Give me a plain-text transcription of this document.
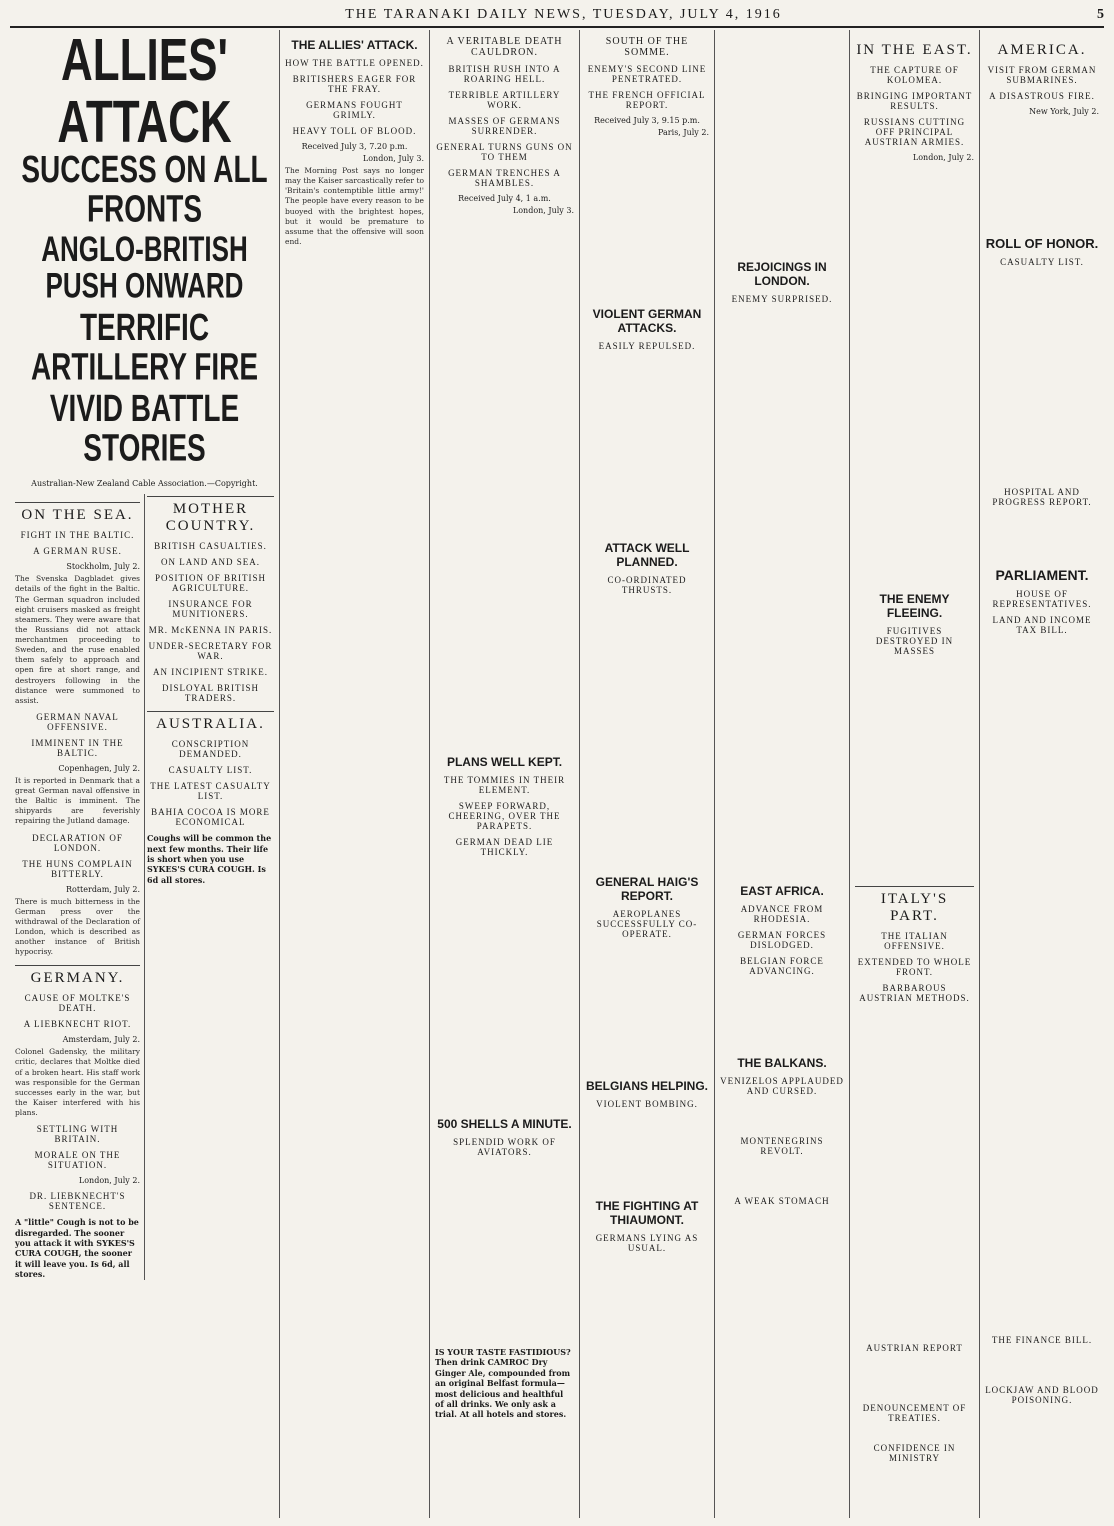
THE TARANAKI DAILY NEWS, TUESDAY, JULY 4, 1916	5
ALLIES' ATTACK
SUCCESS ON ALL FRONTS
ANGLO-BRITISH PUSH ONWARD
TERRIFIC ARTILLERY FIRE
VIVID BATTLE STORIES
Australian-New Zealand Cable Association.—Copyright.
ON THE SEA.
FIGHT IN THE BALTIC.
A GERMAN RUSE.
Stockholm, July 2.

The Svenska Dagbladet gives details of the fight in the Baltic. The German squadron included eight cruisers masked as freight steamers. They were aware that the Russians did not attack merchantmen proceeding to Sweden, and the ruse enabled them safely to approach and open fire at short range, and destroyers following in the distance were summoned to assist.

GERMAN NAVAL OFFENSIVE.
IMMINENT IN THE BALTIC.
Copenhagen, July 2.

It is reported in Denmark that a great German naval offensive in the Baltic is imminent. The shipyards are feverishly repairing the Jutland damage.

DECLARATION OF LONDON.
THE HUNS COMPLAIN BITTERLY.
Rotterdam, July 2.

There is much bitterness in the German press over the withdrawal of the Declaration of London, which is described as another instance of British hypocrisy.

GERMANY.
CAUSE OF MOLTKE'S DEATH.
A LIEBKNECHT RIOT.
Amsterdam, July 2.

Colonel Gadensky, the military critic, declares that Moltke died of a broken heart. His staff work was responsible for the German successes early in the war, but the Kaiser interfered with his plans.

SETTLING WITH BRITAIN.
MORALE ON THE SITUATION.
London, July 2.
DR. LIEBKNECHT'S SENTENCE.
A "little" Cough is not to be disregarded. The sooner you attack it with SYKES'S CURA COUGH, the sooner it will leave you. Is 6d, all stores.
MOTHER COUNTRY.
BRITISH CASUALTIES.
ON LAND AND SEA.
POSITION OF BRITISH AGRICULTURE.
INSURANCE FOR MUNITIONERS.
MR. McKENNA IN PARIS.
UNDER-SECRETARY FOR WAR.
AN INCIPIENT STRIKE.
DISLOYAL BRITISH TRADERS.
AUSTRALIA.
CONSCRIPTION DEMANDED.
CASUALTY LIST.
THE LATEST CASUALTY LIST.
BAHIA COCOA IS MORE ECONOMICAL
Coughs will be common the next few months. Their life is short when you use SYKES'S CURA COUGH. Is 6d all stores.
THE ALLIES' ATTACK.
HOW THE BATTLE OPENED.
BRITISHERS EAGER FOR THE FRAY.
GERMANS FOUGHT GRIMLY.
HEAVY TOLL OF BLOOD.
Received July 3, 7.20 p.m.
London, July 3.

The Morning Post says no longer may the Kaiser sarcastically refer to 'Britain's contemptible little army!' The people have every reason to be buoyed with the brightest hopes, but it would be premature to assume that the offensive will soon end.

A VERITABLE DEATH CAULDRON.
BRITISH RUSH INTO A ROARING HELL.
TERRIBLE ARTILLERY WORK.
MASSES OF GERMANS SURRENDER.
GENERAL TURNS GUNS ON TO THEM
GERMAN TRENCHES A SHAMBLES.
Received July 4, 1 a.m.
London, July 3.
PLANS WELL KEPT.
THE TOMMIES IN THEIR ELEMENT.
SWEEP FORWARD, CHEERING, OVER THE PARAPETS.
GERMAN DEAD LIE THICKLY.
500 SHELLS A MINUTE.
SPLENDID WORK OF AVIATORS.
IS YOUR TASTE FASTIDIOUS? Then drink CAMROC Dry Ginger Ale, compounded from an original Belfast formula—most delicious and healthful of all drinks. We only ask a trial. At all hotels and stores.
SOUTH OF THE SOMME.
ENEMY'S SECOND LINE PENETRATED.
THE FRENCH OFFICIAL REPORT.
Received July 3, 9.15 p.m.
Paris, July 2.
VIOLENT GERMAN ATTACKS.
EASILY REPULSED.
ATTACK WELL PLANNED.
CO-ORDINATED THRUSTS.
GENERAL HAIG'S REPORT.
AEROPLANES SUCCESSFULLY CO-OPERATE.
BELGIANS HELPING.
VIOLENT BOMBING.
THE FIGHTING AT THIAUMONT.
GERMANS LYING AS USUAL.
REJOICINGS IN LONDON.
ENEMY SURPRISED.
EAST AFRICA.
ADVANCE FROM RHODESIA.
GERMAN FORCES DISLODGED.
BELGIAN FORCE ADVANCING.
THE BALKANS.
VENIZELOS APPLAUDED AND CURSED.
MONTENEGRINS REVOLT.
A WEAK STOMACH
IN THE EAST.
THE CAPTURE OF KOLOMEA.
BRINGING IMPORTANT RESULTS.
RUSSIANS CUTTING OFF PRINCIPAL AUSTRIAN ARMIES.
London, July 2.
THE ENEMY FLEEING.
FUGITIVES DESTROYED IN MASSES
ITALY'S PART.
THE ITALIAN OFFENSIVE.
EXTENDED TO WHOLE FRONT.
BARBAROUS AUSTRIAN METHODS.
AUSTRIAN REPORT
DENOUNCEMENT OF TREATIES.
CONFIDENCE IN MINISTRY
AMERICA.
VISIT FROM GERMAN SUBMARINES.
A DISASTROUS FIRE.
New York, July 2.
ROLL OF HONOR.
CASUALTY LIST.
HOSPITAL AND PROGRESS REPORT.
PARLIAMENT.
HOUSE OF REPRESENTATIVES.
LAND AND INCOME TAX BILL.
THE FINANCE BILL.
LOCKJAW AND BLOOD POISONING.
